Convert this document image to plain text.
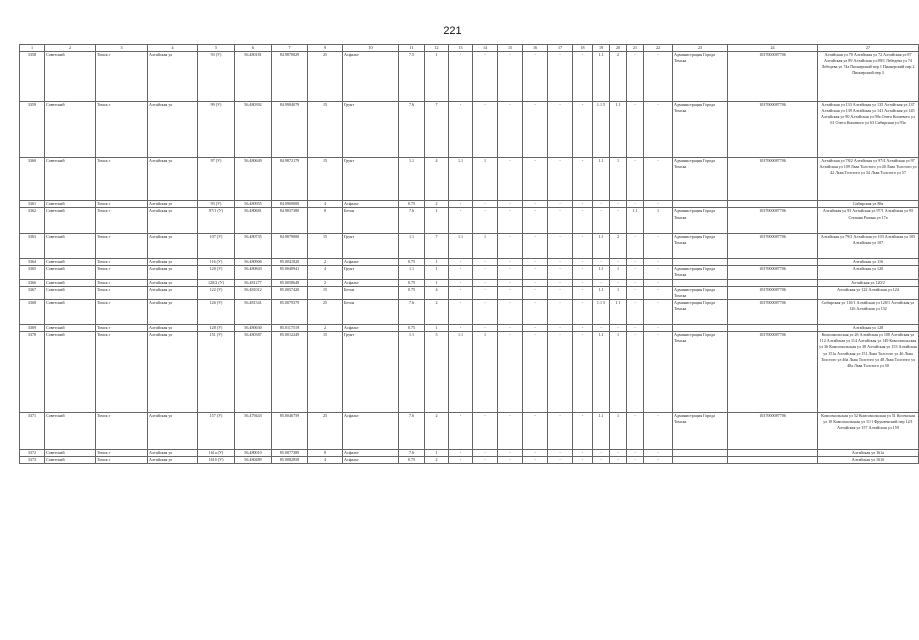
221
1	2	3	4	5	6	7	9	10	11	12	13	14	15	16	17	18	19	20	21	22	23	24	27
3358	Советский	Томск г	Алтайская ул	93 (У)	56.480181	84.9870029	25	Асфальт	7.5	1	-	-	-	-	-	-	1.1	2	-	-	Администрация Города Томска	1037000087706	Алтайская ул 70 Алтайская ул 72 Алтайская ул 87 Алтайская ул 89 Алтайская ул 89/1 Лебедева ул 74 Лебедева ул 74а Пионерский пер 1 Пионерский пер 2 Пионерский пер 3
3359	Советский	Томск г	Алтайская ул	99 (У)	56.480392	84.9904079	15	Грунт	7.6	7	-	-	-	-	-	-	1.1 5	1 1	-	-	Администрация Города Томска	1037000087706	Алтайская ул 133 Алтайская ул 135 Алтайская ул 137 Алтайская ул 139 Алтайская ул 141 Алтайская ул 145 Алтайская ул 90 Алтайская ул 90а Олега Кошевого ул 61 Олега Кошевого ул 63 Сибирская ул 93а
3360	Советский	Томск г	Алтайская ул	97 (У)	56.480649	84.9872179	15	Грунт	1.1	4	1.1	1	-	-	-	-	1.1	1	-	-	Администрация Города Томска	1037000087706	Алтайская ул 78/2 Алтайская ул 97/4 Алтайская ул 97 Алтайская ул 109 Льва Толстого ул 40 Льва Толстого ул 42 Льва Толстого ул 54 Льва Толстого ул 57
3361	Советский	Томск г	Алтайская ул	93 (У)	56.480955	84.0969000	4	Асфальт	0.75	2	-	-	-	-	-	-	-	-	-	-			Сибирская ул 88а
3362	Советский	Томск г	Алтайская ул	97/1 (У)	56.480681	84.9837380	8	Бетон	7.6	1	-	-	-	-	-	-	-	-	1.1	1	Администрация Города Томска	1037000087706	Алтайская ул 93 Алтайская ул 97/1 Алтайская ул 95 Степана Разина ул 17а
3363	Советский	Томск г	Алтайская ул	107 (У)	56.480735	84.9879000	15	Грунт	1.1	7	1.1	1	-	-	-	-	1.1	2	-	-	Администрация Города Томска	1037000087706	Алтайская ул 79/2 Алтайская ул 103 Алтайская ул 105 Алтайская ул 107
3364	Советский	Томск г	Алтайская ул	116 (У)	56.480906	85.0041820	2	Асфальт	0.75	1	-	-	-	-	-	-	-	-	-	-			Алтайская ул 116
3365	Советский	Томск г	Алтайская ул	120 (У)	56.480843	85.0040941	4	Грунт	1.1	1	-	-	-	-	-	-	1.1	1	-	-	Администрация Города Томска	1037000087706	Алтайская ул 120
3366	Советский	Томск г	Алтайская ул	120/2 (У)	56.481277	85.0058649	2	Асфальт	0.75	1	-	-	-	-	-	-	-	-	-	-			Алтайская ул 120/2
3367	Советский	Томск г	Алтайская ул	122 (У)	56.481012	85.0057420	15	Бетон	0.75	4	-	-	-	-	-	-	1.1	1	-	-	Администрация Города Томска	1037000087706	Алтайская ул 122 Алтайская ул 124
3368	Советский	Томск г	Алтайская ул	126 (У)	56.481541	85.0079379	25	Бетон	7.6	2	-	-	-	-	-	-	1.1 5	1 1	-	-	Администрация Города Томска	1037000087706	Сибирская ул 110/1 Алтайская ул 120/1 Алтайская ул 126 Алтайская ул 132
3369	Советский	Томск г	Алтайская ул	128 (У)	56.480630	85.0117519	2	Асфальт	0.75	1	-	-	-	-	-	-	-	-	-	-			Алтайская ул 128
3370	Советский	Томск г	Алтайская ул	151 (У)	56.480387	85.0012249	15	Грунт	1.1	5	1.1	1	-	-	-	-	1.1	1	-	-	Администрация Города Томска	1037000087706	Комсомольская ул 26 Алтайская ул 108 Алтайская ул 112 Алтайская ул 114 Алтайская ул 149 Комсомольская ул 36 Комсомольская ул 38 Алтайская ул 153 Алтайская ул 151а Алтайская ул 151 Льва Толстого ул 46 Льва Толстого ул 46а Льва Толстого ул 48 Льва Толстого ул 48а Льва Толстого ул 50
3371	Советский	Томск г	Алтайская ул	157 (У)	56.479443	85.0046759	25	Асфальт	7.6	2	-	-	-	-	-	-	1.1	1	-	-	Администрация Города Томска	1037000087706	Комсомольская ул 52 Комсомольская ул 51 Косенская ул 10 Комсомольская ул 11/1 Фрунзенский пер 12/1 Алтайская ул 157 Алтайская ул 159
3372	Советский	Томск г	Алтайская ул	161а (У)	56.480010	85.0077389	8	Асфальт	7.6	1	-	-	-	-	-	-	-	-	-	-			Алтайская ул 161а
3373	Советский	Томск г	Алтайская ул	161б (У)	56.480489	85.0082858	4	Асфальт	0.75	2	-	-	-	-	-	-	-	-	-	-			Алтайская ул 161б
